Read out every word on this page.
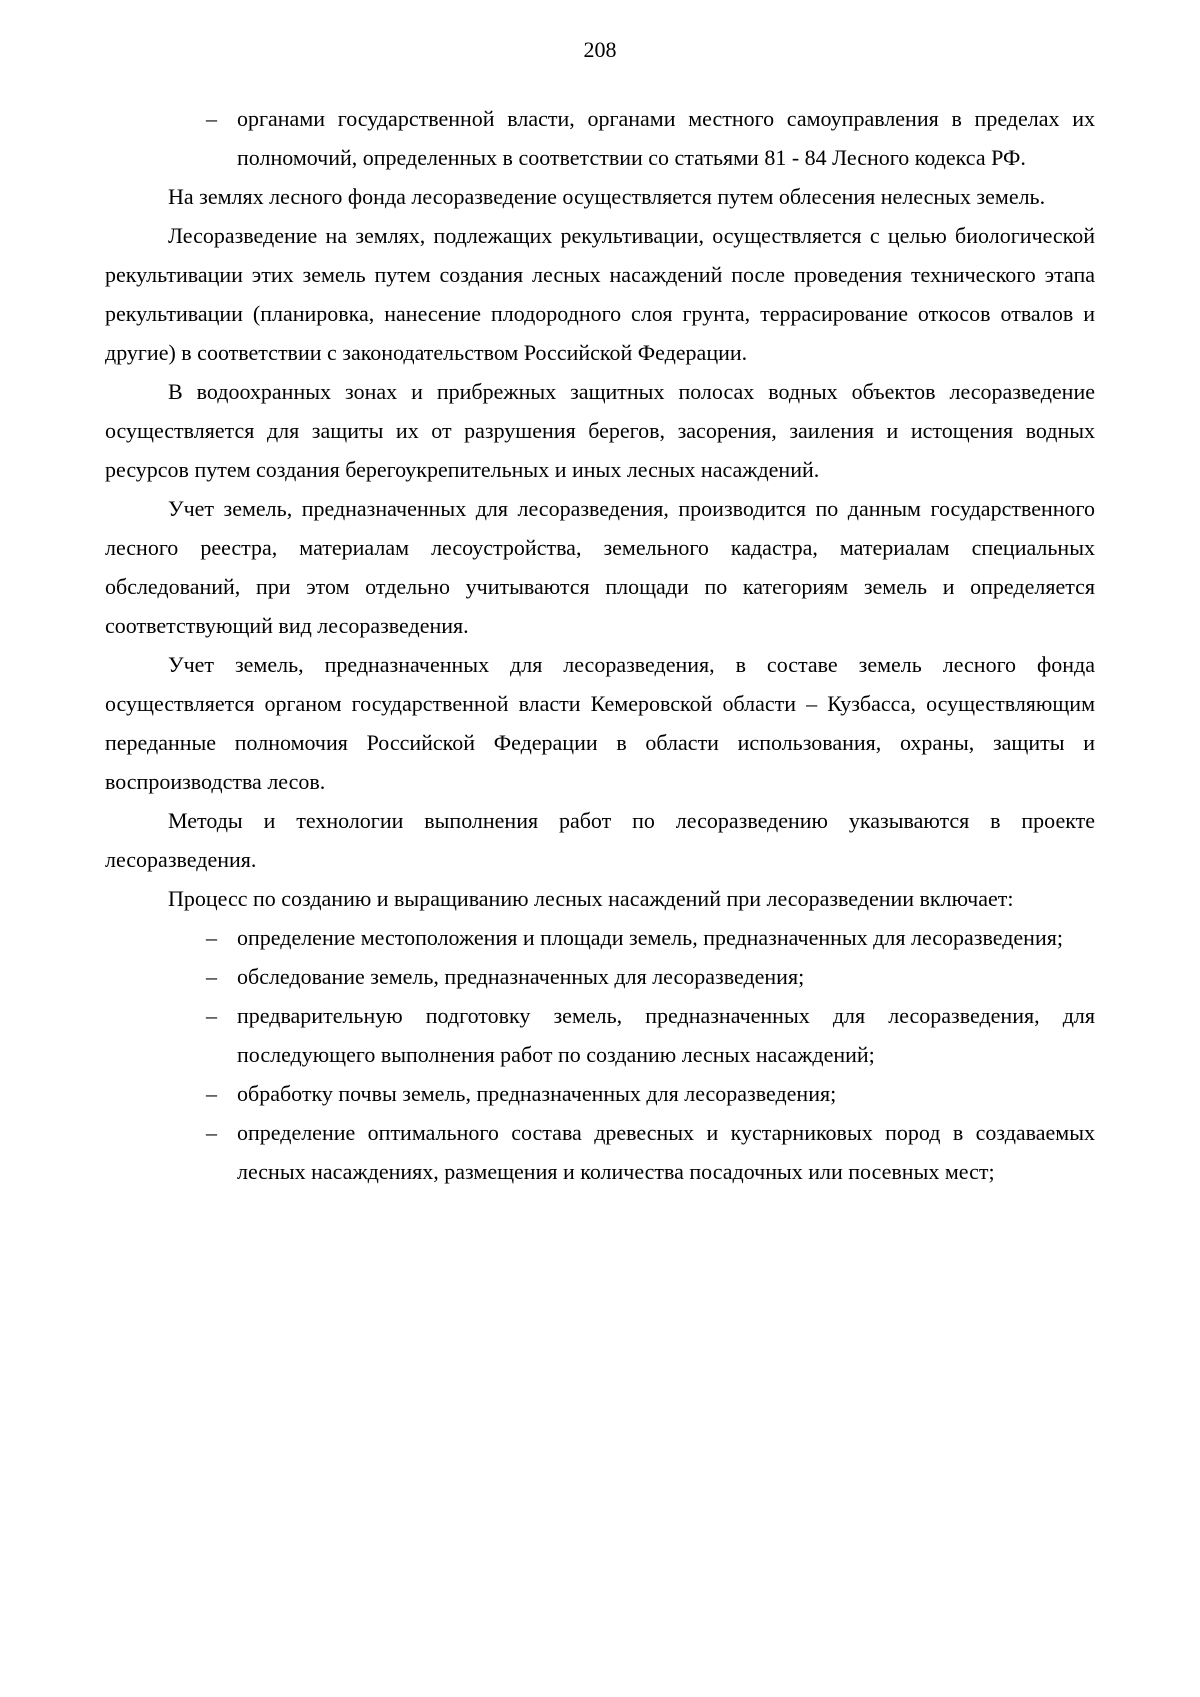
208
– органами государственной власти, органами местного самоуправления в пределах их полномочий, определенных в соответствии со статьями 81 - 84 Лесного кодекса РФ.

На землях лесного фонда лесоразведение осуществляется путем облесения нелесных земель.

Лесоразведение на землях, подлежащих рекультивации, осуществляется с целью биологической рекультивации этих земель путем создания лесных насаждений после проведения технического этапа рекультивации (планировка, нанесение плодородного слоя грунта, террасирование откосов отвалов и другие) в соответствии с законодательством Российской Федерации.

В водоохранных зонах и прибрежных защитных полосах водных объектов лесоразведение осуществляется для защиты их от разрушения берегов, засорения, заиления и истощения водных ресурсов путем создания берегоукрепительных и иных лесных насаждений.

Учет земель, предназначенных для лесоразведения, производится по данным государственного лесного реестра, материалам лесоустройства, земельного кадастра, материалам специальных обследований, при этом отдельно учитываются площади по категориям земель и определяется соответствующий вид лесоразведения.

Учет земель, предназначенных для лесоразведения, в составе земель лесного фонда осуществляется органом государственной власти Кемеровской области – Кузбасса, осуществляющим переданные полномочия Российской Федерации в области использования, охраны, защиты и воспроизводства лесов.

Методы и технологии выполнения работ по лесоразведению указываются в проекте лесоразведения.

Процесс по созданию и выращиванию лесных насаждений при лесоразведении включает:

– определение местоположения и площади земель, предназначенных для лесоразведения;
– обследование земель, предназначенных для лесоразведения;
– предварительную подготовку земель, предназначенных для лесоразведения, для последующего выполнения работ по созданию лесных насаждений;
– обработку почвы земель, предназначенных для лесоразведения;
– определение оптимального состава древесных и кустарниковых пород в создаваемых лесных насаждениях, размещения и количества посадочных или посевных мест;
